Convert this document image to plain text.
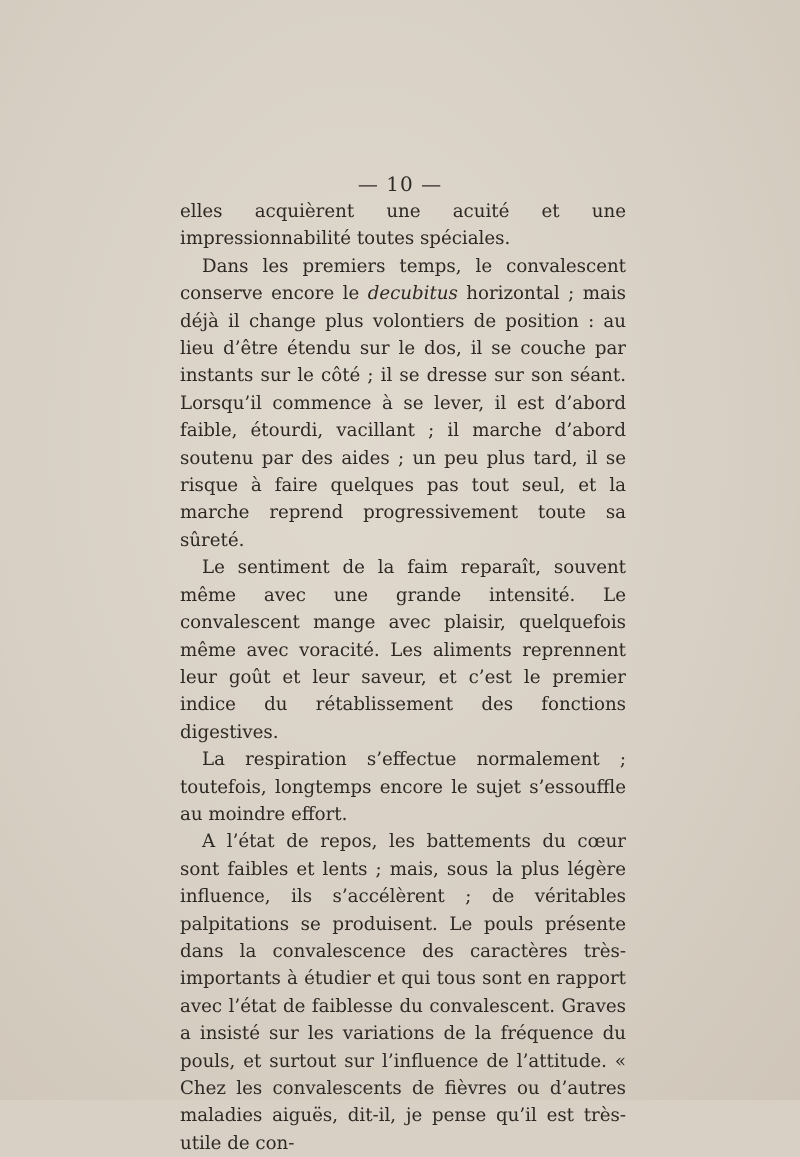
— 10 —

elles acquièrent une acuité et une impressionnabilité toutes spéciales.

Dans les premiers temps, le convalescent conserve encore le decubitus horizontal ; mais déjà il change plus volontiers de position : au lieu d’être étendu sur le dos, il se couche par instants sur le côté ; il se dresse sur son séant. Lorsqu’il commence à se lever, il est d’abord faible, étourdi, vacillant ; il marche d’abord soutenu par des aides ; un peu plus tard, il se risque à faire quelques pas tout seul, et la marche reprend progressivement toute sa sûreté.

Le sentiment de la faim reparaît, souvent même avec une grande intensité. Le convalescent mange avec plaisir, quelquefois même avec voracité. Les aliments reprennent leur goût et leur saveur, et c’est le premier indice du rétablissement des fonctions digestives.

La respiration s’effectue normalement ; toutefois, longtemps encore le sujet s’essouffle au moindre effort.

A l’état de repos, les battements du cœur sont faibles et lents ; mais, sous la plus légère influence, ils s’accélèrent ; de véritables palpitations se produisent. Le pouls présente dans la convalescence des caractères très-importants à étudier et qui tous sont en rapport avec l’état de faiblesse du convalescent. Graves a insisté sur les variations de la fréquence du pouls, et surtout sur l’influence de l’attitude. « Chez les convalescents de fièvres ou d’autres maladies aiguës, dit-il, je pense qu’il est très-utile de con-
